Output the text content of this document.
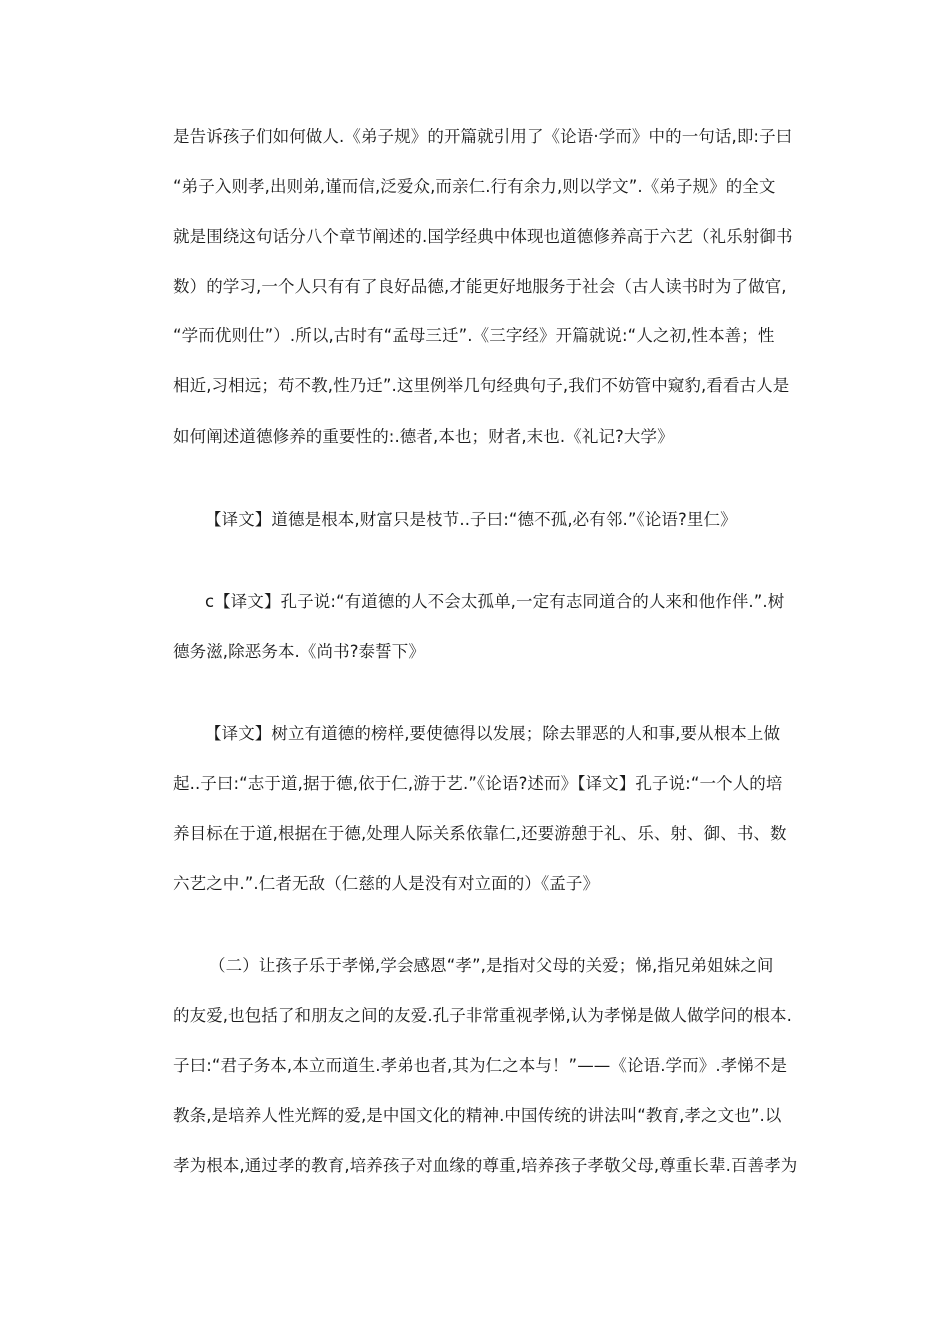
是告诉孩子们如何做人.《弟子规》的开篇就引用了《论语·学而》中的一句话,即:子曰
“弟子入则孝,出则弟,谨而信,泛爱众,而亲仁.行有余力,则以学文”.《弟子规》的全文
就是围绕这句话分八个章节阐述的.国学经典中体现也道德修养高于六艺（礼乐射御书
数）的学习,一个人只有有了良好品德,才能更好地服务于社会（古人读书时为了做官,
“学而优则仕”）.所以,古时有“孟母三迁”.《三字经》开篇就说:“人之初,性本善；性
相近,习相远；苟不教,性乃迁”.这里例举几句经典句子,我们不妨管中窥豹,看看古人是
如何阐述道德修养的重要性的:.德者,本也；财者,末也.《礼记?大学》
【译文】道德是根本,财富只是枝节..子曰:“德不孤,必有邻.”《论语?里仁》
c【译文】孔子说:“有道德的人不会太孤单,一定有志同道合的人来和他作伴.”.树
德务滋,除恶务本.《尚书?泰誓下》
【译文】树立有道德的榜样,要使德得以发展；除去罪恶的人和事,要从根本上做
起..子曰:“志于道,据于德,依于仁,游于艺.”《论语?述而》【译文】孔子说:“一个人的培
养目标在于道,根据在于德,处理人际关系依靠仁,还要游憩于礼、乐、射、御、书、数
六艺之中.”.仁者无敌（仁慈的人是没有对立面的）《孟子》
（二）让孩子乐于孝悌,学会感恩“孝”,是指对父母的关爱；悌,指兄弟姐妹之间
的友爱,也包括了和朋友之间的友爱.孔子非常重视孝悌,认为孝悌是做人做学问的根本.
子曰:“君子务本,本立而道生.孝弟也者,其为仁之本与！”——《论语.学而》.孝悌不是
教条,是培养人性光辉的爱,是中国文化的精神.中国传统的讲法叫“教育,孝之文也”.以
孝为根本,通过孝的教育,培养孩子对血缘的尊重,培养孩子孝敬父母,尊重长辈.百善孝为
